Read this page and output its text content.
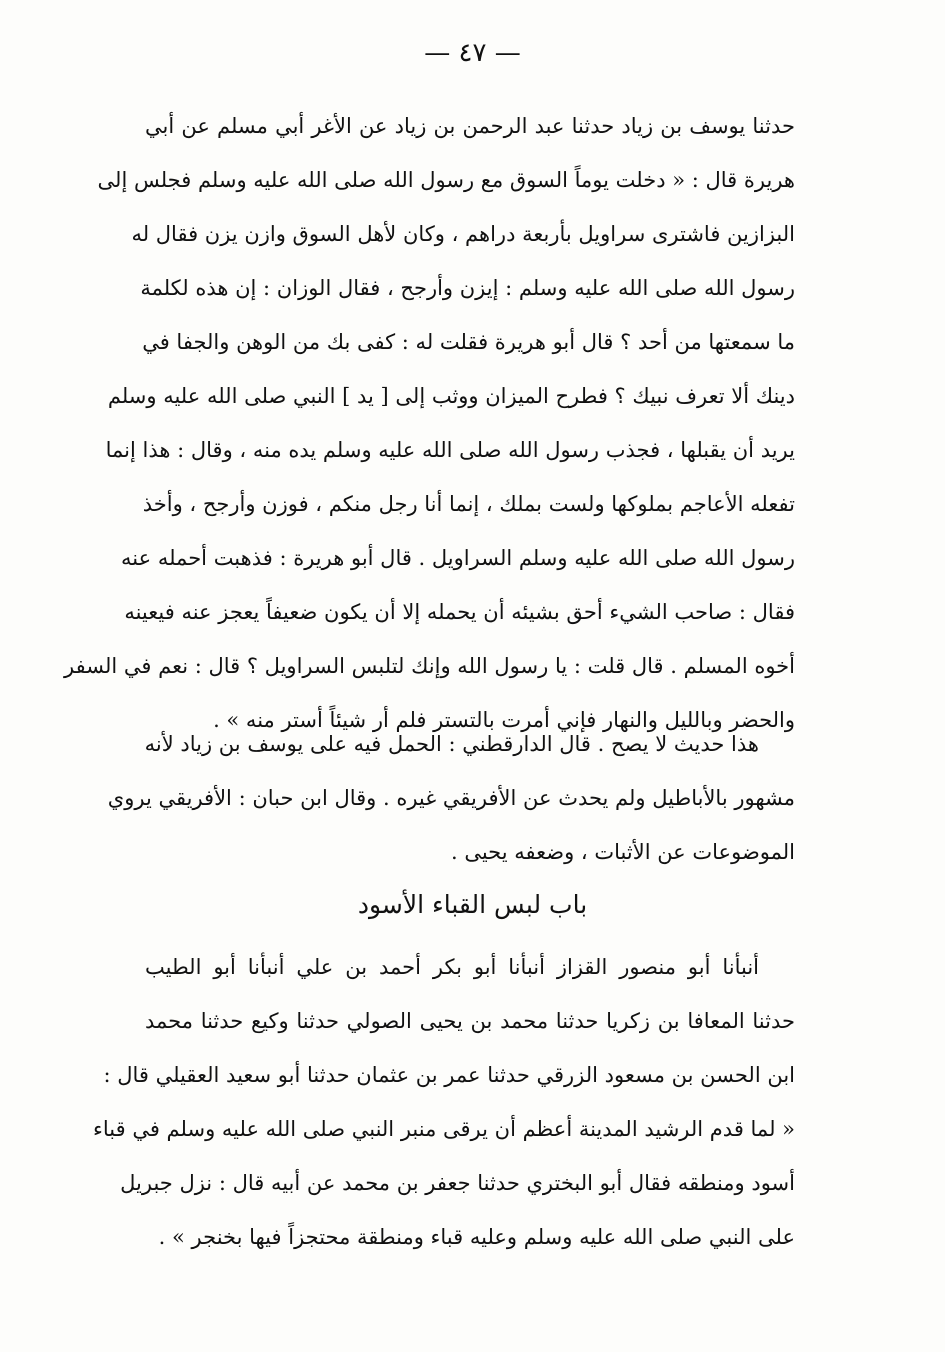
— ٤٧ —
حدثنا يوسف بن زياد حدثنا عبد الرحمن بن زياد عن الأغر أبي مسلم عن أبي
هريرة قال : « دخلت يوماً السوق مع رسول الله صلى الله عليه وسلم فجلس إلى
البزازين فاشترى سراويل بأربعة دراهم ، وكان لأهل السوق وازن يزن فقال له
رسول الله صلى الله عليه وسلم : إيزن وأرجح ، فقال الوزان : إن هذه لكلمة
ما سمعتها من أحد ؟ قال أبو هريرة فقلت له : كفى بك من الوهن والجفا في
دينك ألا تعرف نبيك ؟ فطرح الميزان ووثب إلى [ يد ] النبي صلى الله عليه وسلم
يريد أن يقبلها ، فجذب رسول الله صلى الله عليه وسلم يده منه ، وقال : هذا إنما
تفعله الأعاجم بملوكها ولست بملك ، إنما أنا رجل منكم ، فوزن وأرجح ، وأخذ
رسول الله صلى الله عليه وسلم السراويل . قال أبو هريرة : فذهبت أحمله عنه
فقال : صاحب الشيء أحق بشيئه أن يحمله إلا أن يكون ضعيفاً يعجز عنه فيعينه
أخوه المسلم . قال قلت : يا رسول الله وإنك لتلبس السراويل ؟ قال : نعم في السفر
والحضر وبالليل والنهار فإني أمرت بالتستر فلم أر شيئاً أستر منه » .
هذا حديث لا يصح . قال الدارقطني : الحمل فيه على يوسف بن زياد لأنه
مشهور بالأباطيل ولم يحدث عن الأفريقي غيره . وقال ابن حبان : الأفريقي يروي
الموضوعات عن الأثبات ، وضعفه يحيى .
باب لبس القباء الأسود
أنبأنا أبو منصور القزاز أنبأنا أبو بكر أحمد بن علي أنبأنا أبو الطيب
حدثنا المعافا بن زكريا حدثنا محمد بن يحيى الصولي حدثنا وكيع حدثنا محمد
ابن الحسن بن مسعود الزرقي حدثنا عمر بن عثمان حدثنا أبو سعيد العقيلي قال :
« لما قدم الرشيد المدينة أعظم أن يرقى منبر النبي صلى الله عليه وسلم في قباء
أسود ومنطقه فقال أبو البختري حدثنا جعفر بن محمد عن أبيه قال : نزل جبريل
على النبي صلى الله عليه وسلم وعليه قباء ومنطقة محتجزاً فيها بخنجر » .
